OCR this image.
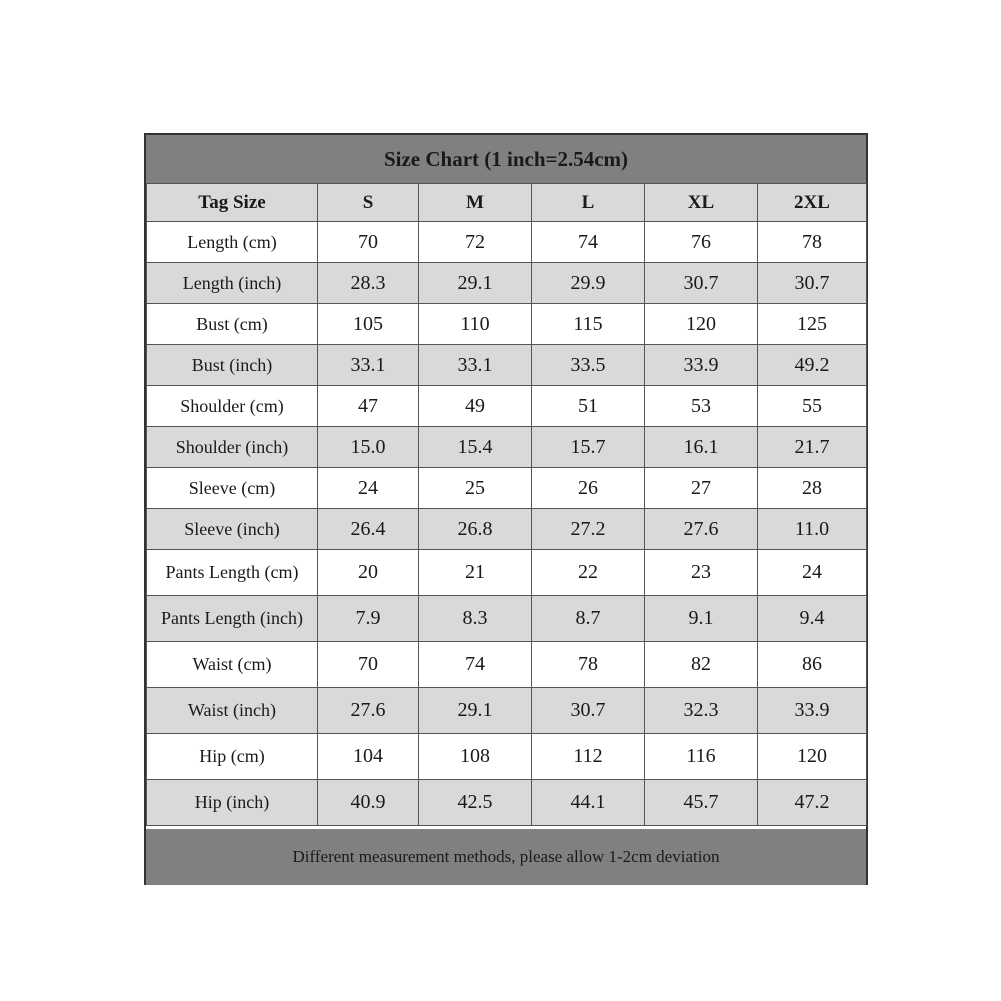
Size Chart (1 inch=2.54cm)
Tag Size	S	M	L	XL	2XL
Length (cm)	70	72	74	76	78
Length (inch)	28.3	29.1	29.9	30.7	30.7
Bust (cm)	105	110	115	120	125
Bust (inch)	33.1	33.1	33.5	33.9	49.2
Shoulder (cm)	47	49	51	53	55
Shoulder (inch)	15.0	15.4	15.7	16.1	21.7
Sleeve (cm)	24	25	26	27	28
Sleeve (inch)	26.4	26.8	27.2	27.6	11.0
Pants Length (cm)	20	21	22	23	24
Pants Length (inch)	7.9	8.3	8.7	9.1	9.4
Waist (cm)	70	74	78	82	86
Waist (inch)	27.6	29.1	30.7	32.3	33.9
Hip (cm)	104	108	112	116	120
Hip (inch)	40.9	42.5	44.1	45.7	47.2
Different measurement methods, please allow 1-2cm deviation
